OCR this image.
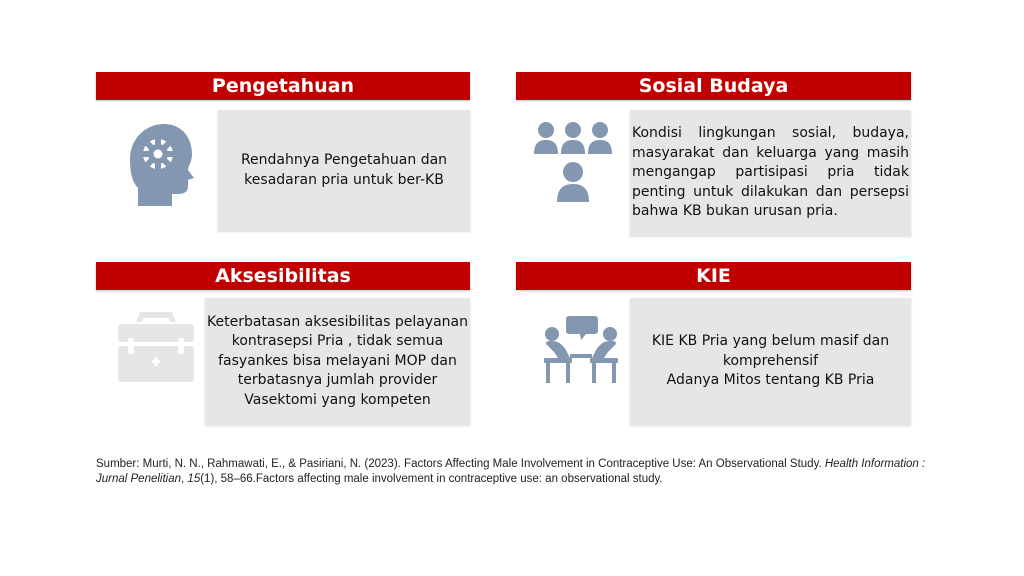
Pengetahuan
Rendahnya Pengetahuan dan
kesadaran pria untuk ber-KB
Sosial Budaya
Kondisi lingkungan sosial, budaya, masyarakat dan keluarga yang masih mengangap partisipasi pria tidak penting untuk dilakukan dan persepsi bahwa KB bukan urusan pria.
Aksesibilitas
Keterbatasan aksesibilitas pelayanan
kontrasepsi Pria , tidak semua
fasyankes bisa melayani MOP dan
terbatasnya jumlah provider
Vasektomi yang kompeten
KIE
KIE KB Pria yang belum masif dan
komprehensif
Adanya Mitos tentang KB Pria
Sumber: Murti, N. N., Rahmawati, E., & Pasiriani, N. (2023). Factors Affecting Male Involvement in Contraceptive Use: An Observational Study. Health Information : Jurnal Penelitian, 15(1), 58–66.Factors affecting male involvement in contraceptive use: an observational study.
